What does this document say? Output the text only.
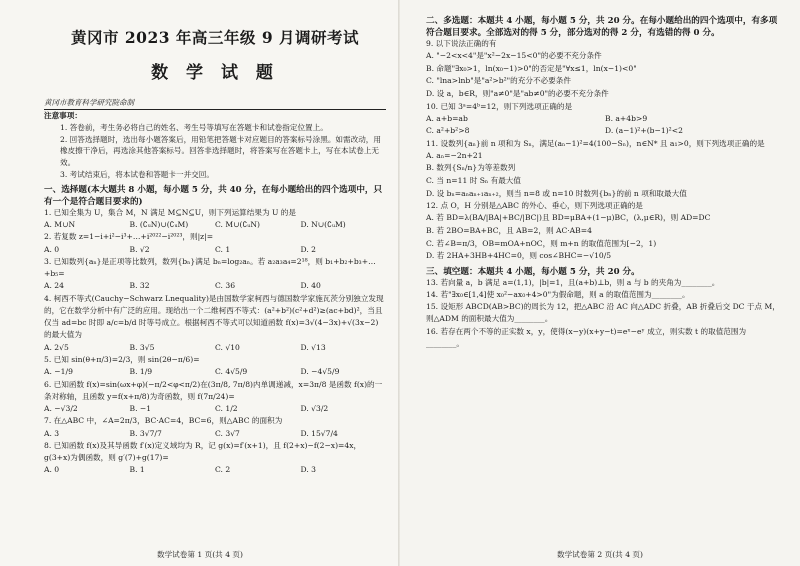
黄冈市 2023 年高三年级 9 月调研考试
数 学 试 题
黄冈市教育科学研究院命制
注意事项：
1. 答卷前，考生务必将自己的姓名、考生号等填写在答题卡和试卷指定位置上。
2. 回答选择题时，选出每小题答案后，用铅笔把答题卡对应题目的答案标号涂黑。如需改动，用橡皮擦干净后，再选涂其他答案标号。回答非选择题时，将答案写在答题卡上，写在本试卷上无效。
3. 考试结束后，将本试卷和答题卡一并交回。
一、选择题(本大题共 8 小题，每小题 5 分，共 40 分，在每小题给出的四个选项中，只有一个是符合题目要求的)
1. 已知全集为 U，集合 M，N 满足 M⊆N⊆U，则下列运算结果为 U 的是
A. M∪N	B. (∁ᵤN)∪(∁ᵤM)	C. M∪(∁ᵤN)	D. N∪(∁ᵤM)
2. 若复数 z=1−i+i²−i³+…+i²⁰²²−i²⁰²³，则|z|=
A. 0	B. √2	C. 1	D. 2
3. 已知数列{aₙ}是正项等比数列，数列{bₙ}满足 bₙ=log₂aₙ。若 a₂a₃a₄=2¹⁸，则 b₁+b₂+b₃+…+b₅=
A. 24	B. 32	C. 36	D. 40
4. 柯西不等式(Cauchy−Schwarz Lnequality)是由国数学家柯西与德国数学家施瓦茨分别独立发现的，它在数学分析中有广泛的应用。现给出一个二维柯西不等式：(a²+b²)(c²+d²)≥(ac+bd)²，当且仅当 ad=bc 时即 a/c=b/d 时等号成立。根据柯西不等式可以知道函数 f(x)=3√(4−3x)+√(3x−2) 的最大值为
A. 2√5	B. 3√5	C. √10	D. √13
5. 已知 sin(θ+π/3)=2/3，则 sin(2θ−π/6)=
A. −1/9	B. 1/9	C. 4√5/9	D. −4√5/9
6. 已知函数 f(x)=sin(ωx+φ)(−π/2<φ<π/2)在(3π/8, 7π/8)内单调递减，x=3π/8 是函数 f(x)的一条对称轴，且函数 y=f(x+π/8)为奇函数，则 f(7π/24)=
A. −√3/2	B. −1	C. 1/2	D. √3/2
7. 在△ABC 中，∠A=2π/3，BC·AC=4，BC=6，则△ABC 的面积为
A. 3	B. 3√7/7	C. 3√7	D. 15√7/4
8. 已知函数 f(x)及其导函数 f′(x)定义域均为 R，记 g(x)=f′(x+1)，且 f(2+x)−f(2−x)=4x，g(3+x)为偶函数，则 g′(7)+g(17)=
A. 0	B. 1	C. 2	D. 3
数学试卷第 1 页(共 4 页)
二、多选题：本题共 4 小题，每小题 5 分，共 20 分。在每小题给出的四个选项中，有多项符合题目要求。全部选对的得 5 分，部分选对的得 2 分，有选错的得 0 分。
9. 以下说法正确的有
A. "−2<x<4"是"x²−2x−15<0"的必要不充分条件
B. 命题"∃x₀>1，ln(x₀−1)>0"的否定是"∀x≤1，ln(x−1)<0"
C. "lna>lnb"是"a²>b²"的充分不必要条件
D. 设 a，b∈R，则"a≠0"是"ab≠0"的必要不充分条件
10. 已知 3ᵃ=4ᵇ=12，则下列选项正确的是
A. a+b=ab	B. a+4b>9
C. a²+b²>8	D. (a−1)²+(b−1)²<2
11. 设数列{aₙ}前 n 项和为 Sₙ，满足(aₙ−1)²=4(100−Sₙ)，n∈N* 且 a₁>0，则下列选项正确的是
A. aₙ=−2n+21
B. 数列{Sₙ/n}为等差数列
C. 当 n=11 时 Sₙ 有最大值
D. 设 bₙ=aₙaₙ₊₁aₙ₊₂，则当 n=8 或 n=10 时数列{bₙ}的前 n 项和取最大值
12. 点 O，H 分别是△ABC 的外心、垂心，则下列选项正确的是
A. 若 BD=λ(BA/|BA|+BC/|BC|)且 BD=μBA+(1−μ)BC，(λ,μ∈R)，则 AD=DC
B. 若 2BO=BA+BC，且 AB=2，则 AC·AB=4
C. 若∠B=π/3，OB=mOA+nOC，则 m+n 的取值范围为[−2，1)
D. 若 2HA+3HB+4HC=0，则 cos∠BHC=−√10/5
三、填空题：本题共 4 小题，每小题 5 分，共 20 分。
13. 若向量 a，b 满足 a=(1,1)，|b|=1，且(a+b)⊥b，则 a 与 b 的夹角为________。
14. 若"∃x₀∈[1,4]使 x₀²−ax₀+4>0"为假命题，则 a 的取值范围为________。
15. 设矩形 ABCD(AB>BC)的周长为 12，把△ABC 沿 AC 向△ADC 折叠，AB 折叠后交 DC 于点 M，则△ADM 的面积最大值为________。
16. 若存在两个不等的正实数 x，y，使得(x−y)(x+y−t)=eˣ−eʸ 成立，则实数 t 的取值范围为________。
数学试卷第 2 页(共 4 页)
